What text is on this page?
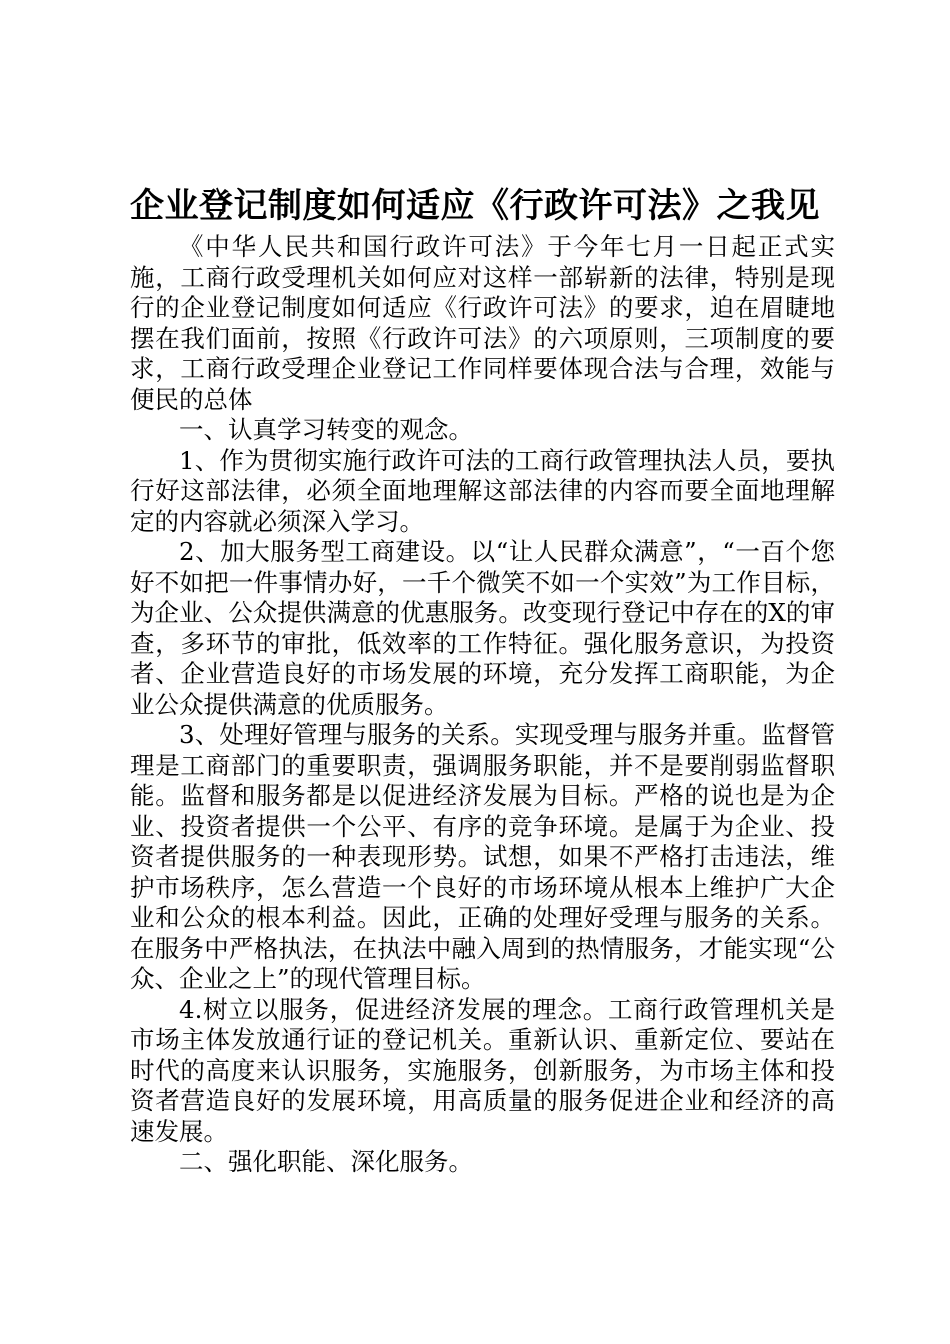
企业登记制度如何适应《行政许可法》之我见

《中华人民共和国行政许可法》于今年七月一日起正式实施，工商行政受理机关如何应对这样一部崭新的法律，特别是现行的企业登记制度如何适应《行政许可法》的要求，迫在眉睫地摆在我们面前，按照《行政许可法》的六项原则，三项制度的要求，工商行政受理企业登记工作同样要体现合法与合理，效能与便民的总体

一、认真学习转变的观念。

1、作为贯彻实施行政许可法的工商行政管理执法人员，要执行好这部法律，必须全面地理解这部法律的内容而要全面地理解定的内容就必须深入学习。

2、加大服务型工商建设。以“让人民群众满意”，“一百个您好不如把一件事情办好，一千个微笑不如一个实效”为工作目标，为企业、公众提供满意的优惠服务。改变现行登记中存在的X的审查，多环节的审批，低效率的工作特征。强化服务意识，为投资者、企业营造良好的市场发展的环境，充分发挥工商职能，为企业公众提供满意的优质服务。

3、处理好管理与服务的关系。实现受理与服务并重。监督管理是工商部门的重要职责，强调服务职能，并不是要削弱监督职能。监督和服务都是以促进经济发展为目标。严格的说也是为企业、投资者提供一个公平、有序的竞争环境。是属于为企业、投资者提供服务的一种表现形势。试想，如果不严格打击违法，维护市场秩序，怎么营造一个良好的市场环境从根本上维护广大企业和公众的根本利益。因此，正确的处理好受理与服务的关系。在服务中严格执法，在执法中融入周到的热情服务，才能实现“公众、企业之上”的现代管理目标。

4.树立以服务，促进经济发展的理念。工商行政管理机关是市场主体发放通行证的登记机关。重新认识、重新定位、要站在时代的高度来认识服务，实施服务，创新服务，为市场主体和投资者营造良好的发展环境，用高质量的服务促进企业和经济的高速发展。

二、强化职能、深化服务。
